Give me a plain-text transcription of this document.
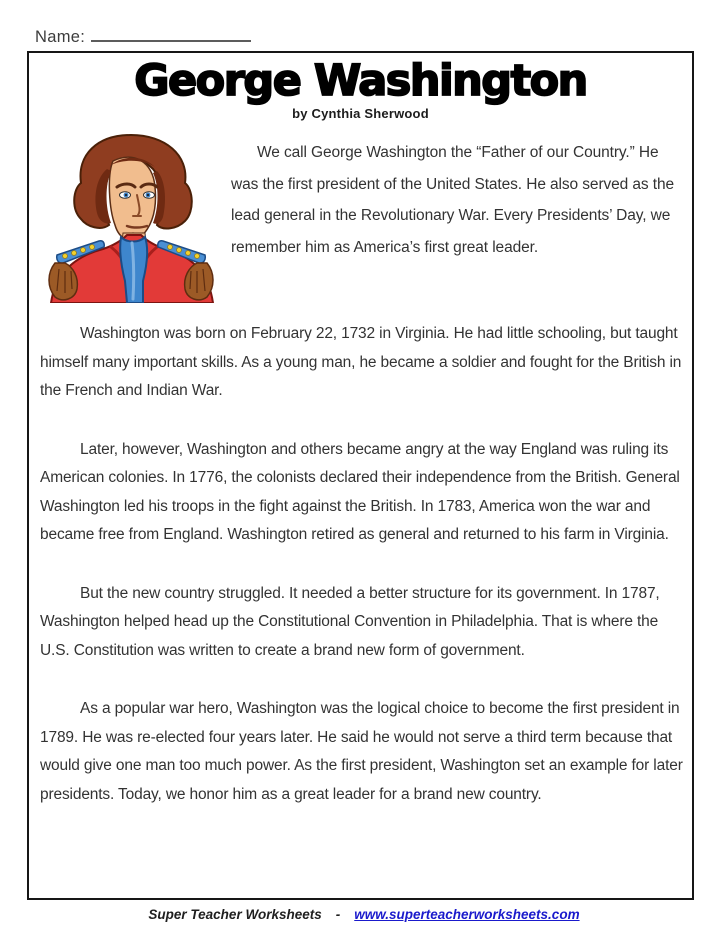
Name:
George Washington
by Cynthia Sherwood

We call George Washington the “Father of our Country.” He was the first president of the United States. He also served as the lead general in the Revolutionary War. Every Presidents’ Day, we remember him as America’s first great leader.

Washington was born on February 22, 1732 in Virginia. He had little schooling, but taught himself many important skills. As a young man, he became a soldier and fought for the British in the French and Indian War.

Later, however, Washington and others became angry at the way England was ruling its American colonies. In 1776, the colonists declared their independence from the British. General Washington led his troops in the fight against the British. In 1783, America won the war and became free from England. Washington retired as general and returned to his farm in Virginia.

But the new country struggled. It needed a better structure for its government. In 1787, Washington helped head up the Constitutional Convention in Philadelphia. That is where the U.S. Constitution was written to create a brand new form of government.

As a popular war hero, Washington was the logical choice to become the first president in 1789. He was re-elected four years later. He said he would not serve a third term because that would give one man too much power. As the first president, Washington set an example for later presidents. Today, we honor him as a great leader for a brand new country.

Super Teacher Worksheets - www.superteacherworksheets.com
